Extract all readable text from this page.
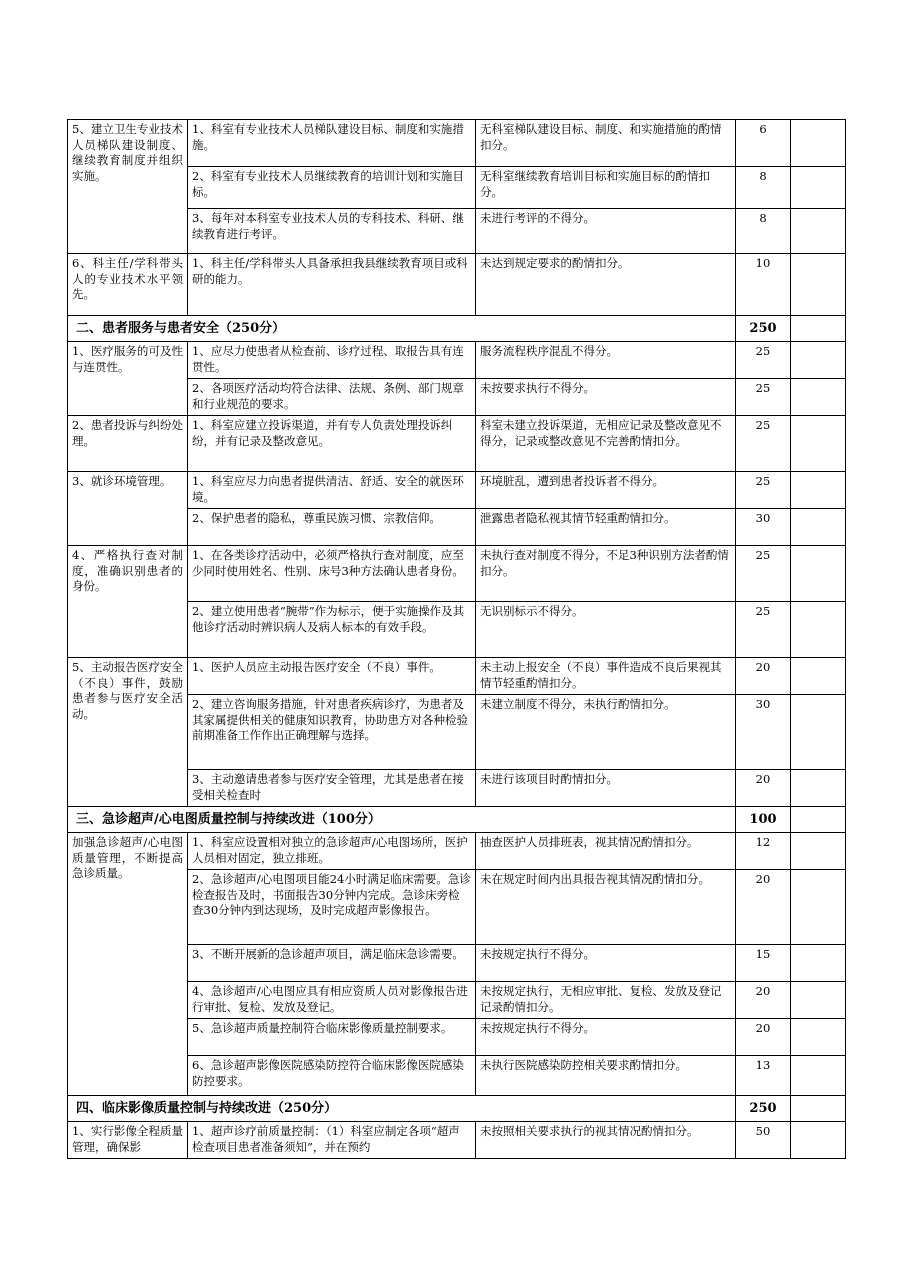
5、建立卫生专业技术人员梯队建设制度、继续教育制度并组织实施。	1、科室有专业技术人员梯队建设目标、制度和实施措施。	无科室梯队建设目标、制度、和实施措施的酌情扣分。	6	
	2、科室有专业技术人员继续教育的培训计划和实施目标。	无科室继续教育培训目标和实施目标的酌情扣分。	8	
	3、每年对本科室专业技术人员的专科技术、科研、继续教育进行考评。	未进行考评的不得分。	8	
6、科主任/学科带头人的专业技术水平领先。	1、科主任/学科带头人具备承担我县继续教育项目或科研的能力。	未达到规定要求的酌情扣分。	10	
二、患者服务与患者安全（250分）			250	
1、医疗服务的可及性与连贯性。	1、应尽力使患者从检查前、诊疗过程、取报告具有连贯性。	服务流程秩序混乱不得分。	25	
	2、各项医疗活动均符合法律、法规、条例、部门规章和行业规范的要求。	未按要求执行不得分。	25	
2、患者投诉与纠纷处理。	1、科室应建立投诉渠道，并有专人负责处理投诉纠纷，并有记录及整改意见。	科室未建立投诉渠道，无相应记录及整改意见不得分，记录或整改意见不完善酌情扣分。	25	
3、就诊环境管理。	1、科室应尽力向患者提供清洁、舒适、安全的就医环境。	环境脏乱，遭到患者投诉者不得分。	25	
	2、保护患者的隐私，尊重民族习惯、宗教信仰。	泄露患者隐私视其情节轻重酌情扣分。	30	
4、严格执行查对制度，准确识别患者的身份。	1、在各类诊疗活动中，必须严格执行查对制度，应至少同时使用姓名、性别、床号3种方法确认患者身份。	未执行查对制度不得分，不足3种识别方法者酌情扣分。	25	
	2、建立使用患者“腕带”作为标示，便于实施操作及其他诊疗活动时辨识病人及病人标本的有效手段。	无识别标示不得分。	25	
5、主动报告医疗安全（不良）事件，鼓励患者参与医疗安全活动。	1、医护人员应主动报告医疗安全（不良）事件。	未主动上报安全（不良）事件造成不良后果视其情节轻重酌情扣分。	20	
	2、建立咨询服务措施，针对患者疾病诊疗，为患者及其家属提供相关的健康知识教育，协助患方对各种检验前期准备工作作出正确理解与选择。	未建立制度不得分，未执行酌情扣分。	30	
	3、主动邀请患者参与医疗安全管理，尤其是患者在接受相关检查时	未进行该项目时酌情扣分。	20	
三、急诊超声/心电图质量控制与持续改进（100分）			100	
加强急诊超声/心电图质量管理，不断提高急诊质量。	1、科室应设置相对独立的急诊超声/心电图场所，医护人员相对固定，独立排班。	抽查医护人员排班表，视其情况酌情扣分。	12	
	2、急诊超声/心电图项目能24小时满足临床需要。急诊检查报告及时，书面报告30分钟内完成。急诊床旁检查30分钟内到达现场，及时完成超声影像报告。	未在规定时间内出具报告视其情况酌情扣分。	20	
	3、不断开展新的急诊超声项目，满足临床急诊需要。	未按规定执行不得分。	15	
	4、急诊超声/心电图应具有相应资质人员对影像报告进行审批、复检、发放及登记。	未按规定执行，无相应审批、复检、发放及登记记录酌情扣分。	20	
	5、急诊超声质量控制符合临床影像质量控制要求。	未按规定执行不得分。	20	
	6、急诊超声影像医院感染防控符合临床影像医院感染防控要求。	未执行医院感染防控相关要求酌情扣分。	13	
四、临床影像质量控制与持续改进（250分）			250	
1、实行影像全程质量管理，确保影	1、超声诊疗前质量控制：（1）科室应制定各项“超声检查项目患者准备须知”，并在预约	未按照相关要求执行的视其情况酌情扣分。	50	
